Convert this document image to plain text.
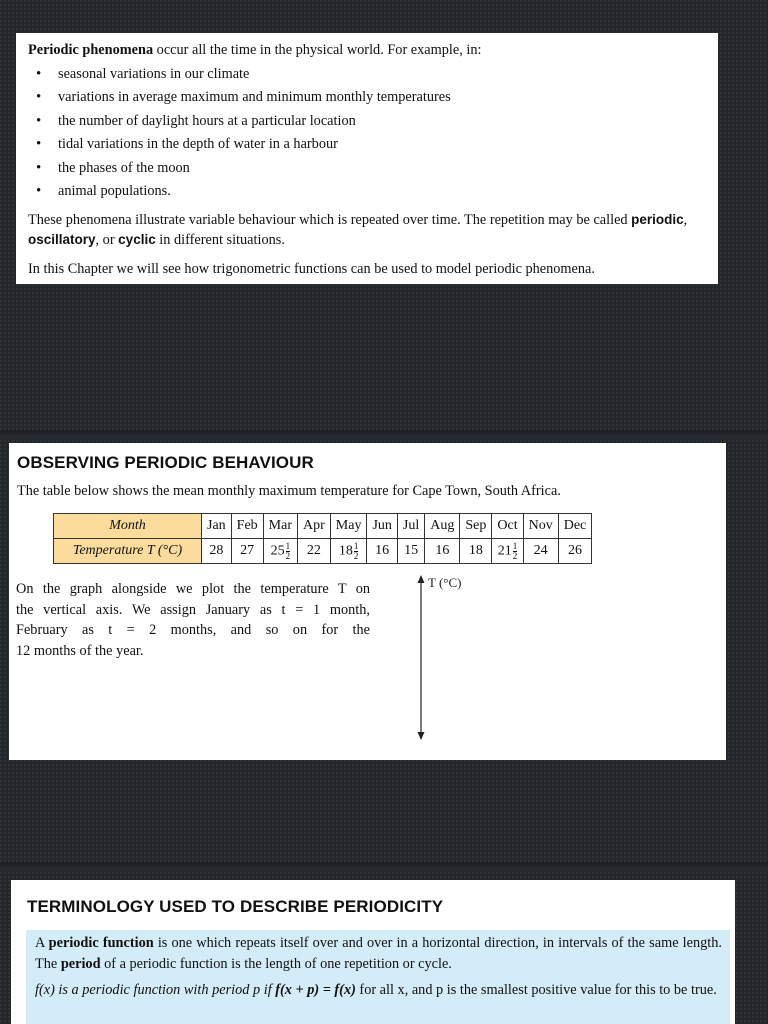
Periodic phenomena occur all the time in the physical world. For example, in:

• seasonal variations in our climate
• variations in average maximum and minimum monthly temperatures
• the number of daylight hours at a particular location
• tidal variations in the depth of water in a harbour
• the phases of the moon
• animal populations.

These phenomena illustrate variable behaviour which is repeated over time. The repetition may be called periodic, oscillatory, or cyclic in different situations.

In this Chapter we will see how trigonometric functions can be used to model periodic phenomena.

OBSERVING PERIODIC BEHAVIOUR
The table below shows the mean monthly maximum temperature for Cape Town, South Africa.
Month	Jan	Feb	Mar	Apr	May	Jun	Jul	Aug	Sep	Oct	Nov	Dec
Temperature T (°C)	28	27	$25 \frac{1}{2}$	22	$18 \frac{1}{2}$	16	15	16	18	$21 \frac{1}{2}$	24	26
On the graph alongside we plot the temperature T on
the vertical axis. We assign January as t = 1 month,
February as t = 2 months, and so on for the
12 months of the year.
T (°C)
TERMINOLOGY USED TO DESCRIBE PERIODICITY

A periodic function is one which repeats itself over and over in a horizontal direction, in intervals of the same length. The period of a periodic function is the length of one repetition or cycle.

f(x) is a periodic function with period p if f(x + p) = f(x) for all x, and p is the smallest positive value for this to be true.
